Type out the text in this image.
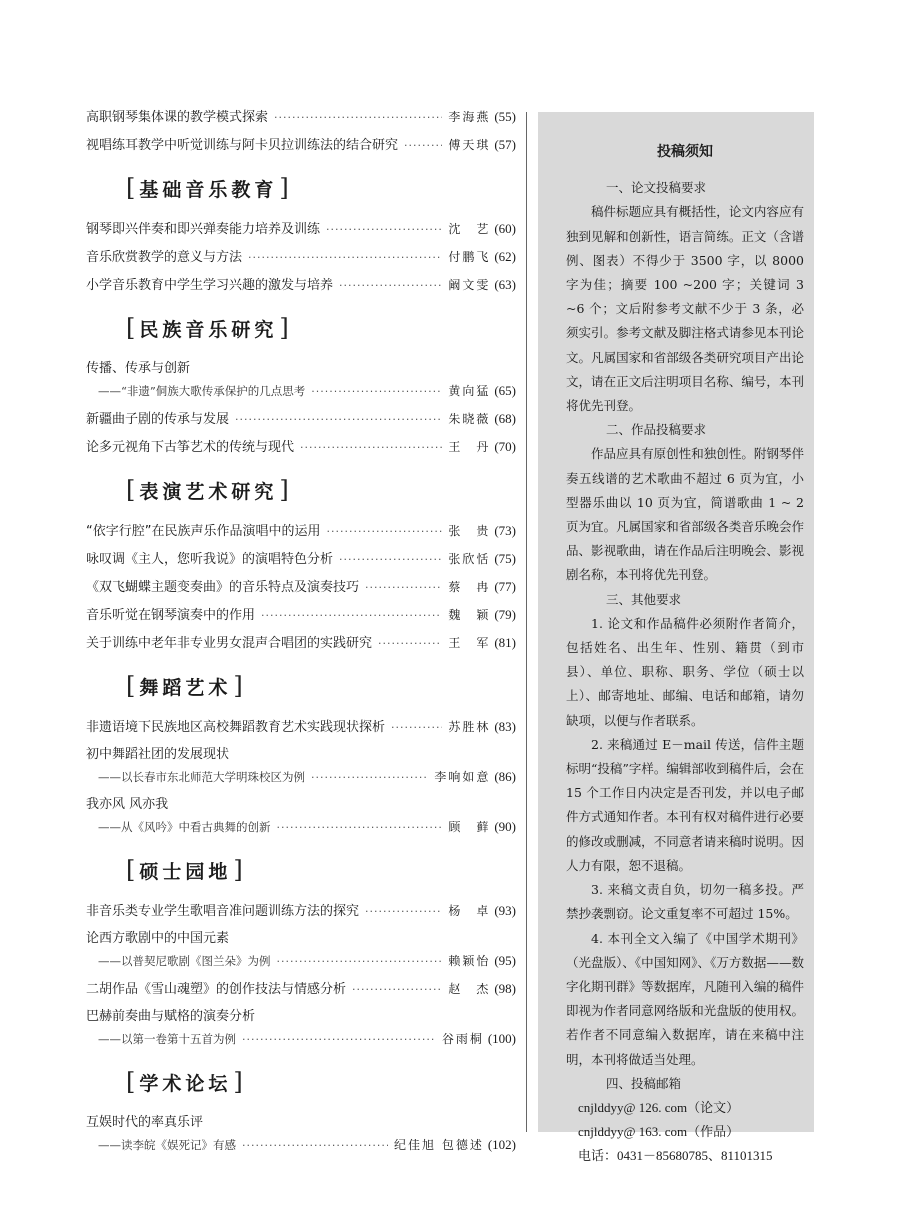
高职钢琴集体课的教学模式探索 ·····	李海燕 (55)
视唱练耳教学中听觉训练与阿卡贝拉训练法的结合研究 ·····	傅天琪 (57)
[ 基础音乐教育 ]
钢琴即兴伴奏和即兴弹奏能力培养及训练 ·····	沈　艺 (60)
音乐欣赏教学的意义与方法 ·····	付鹏飞 (62)
小学音乐教育中学生学习兴趣的激发与培养 ·····	阚文雯 (63)
[ 民族音乐研究 ]
传播、传承与创新
——“非遗”侗族大歌传承保护的几点思考 ·····	黄向猛 (65)
新疆曲子剧的传承与发展 ·····	朱晓薇 (68)
论多元视角下古筝艺术的传统与现代 ·····	王　丹 (70)
[ 表演艺术研究 ]
“依字行腔”在民族声乐作品演唱中的运用 ·····	张　贵 (73)
咏叹调《主人，您听我说》的演唱特色分析 ·····	张欣恬 (75)
《双飞蝴蝶主题变奏曲》的音乐特点及演奏技巧 ·····	蔡　冉 (77)
音乐听觉在钢琴演奏中的作用 ·····	魏　颖 (79)
关于训练中老年非专业男女混声合唱团的实践研究 ·····	王　军 (81)
[ 舞蹈艺术 ]
非遗语境下民族地区高校舞蹈教育艺术实践现状探析 ·····	苏胜林 (83)
初中舞蹈社团的发展现状
——以长春市东北师范大学明珠校区为例 ·····	李响如意 (86)
我亦风 风亦我
——从《风吟》中看古典舞的创新 ·····	顾　藓 (90)
[ 硕士园地 ]
非音乐类专业学生歌唱音准问题训练方法的探究 ·····	杨　卓 (93)
论西方歌剧中的中国元素
——以普契尼歌剧《图兰朵》为例 ·····	赖颖怡 (95)
二胡作品《雪山魂塑》的创作技法与情感分析 ·····	赵　杰 (98)
巴赫前奏曲与赋格的演奏分析
——以第一卷第十五首为例 ·····	谷雨桐 (100)
[ 学术论坛 ]
互娱时代的率真乐评
——读李皖《娱死记》有感 ·····	纪佳旭 包德述 (102)
投稿须知
一、论文投稿要求
稿件标题应具有概括性，论文内容应有独到见解和创新性，语言简练。正文（含谱例、图表）不得少于 3500 字，以 8000 字为佳；摘要 100 ~200 字；关键词 3 ~6 个；文后附参考文献不少于 3 条，必须实引。参考文献及脚注格式请参见本刊论文。凡属国家和省部级各类研究项目产出论文，请在正文后注明项目名称、编号，本刊将优先刊登。
二、作品投稿要求
作品应具有原创性和独创性。附钢琴伴奏五线谱的艺术歌曲不超过 6 页为宜，小型器乐曲以 10 页为宜，简谱歌曲 1 ~ 2 页为宜。凡属国家和省部级各类音乐晚会作品、影视歌曲，请在作品后注明晚会、影视剧名称，本刊将优先刊登。
三、其他要求
1. 论文和作品稿件必须附作者简介，包括姓名、出生年、性别、籍贯（到市县）、单位、职称、职务、学位（硕士以上）、邮寄地址、邮编、电话和邮箱，请勿缺项，以便与作者联系。
2. 来稿通过 E－mail 传送，信件主题标明“投稿”字样。编辑部收到稿件后，会在 15 个工作日内决定是否刊发，并以电子邮件方式通知作者。本刊有权对稿件进行必要的修改或删减，不同意者请来稿时说明。因人力有限，恕不退稿。
3. 来稿文责自负，切勿一稿多投。严禁抄袭剽窃。论文重复率不可超过 15%。
4. 本刊全文入编了《中国学术期刊》（光盘版）、《中国知网》、《万方数据——数字化期刊群》等数据库，凡随刊入编的稿件即视为作者同意网络版和光盘版的使用权。若作者不同意编入数据库，请在来稿中注明，本刊将做适当处理。
四、投稿邮箱
cnjlddyy@ 126. com（论文）
cnjlddyy@ 163. com（作品）
电话：0431－85680785、81101315
